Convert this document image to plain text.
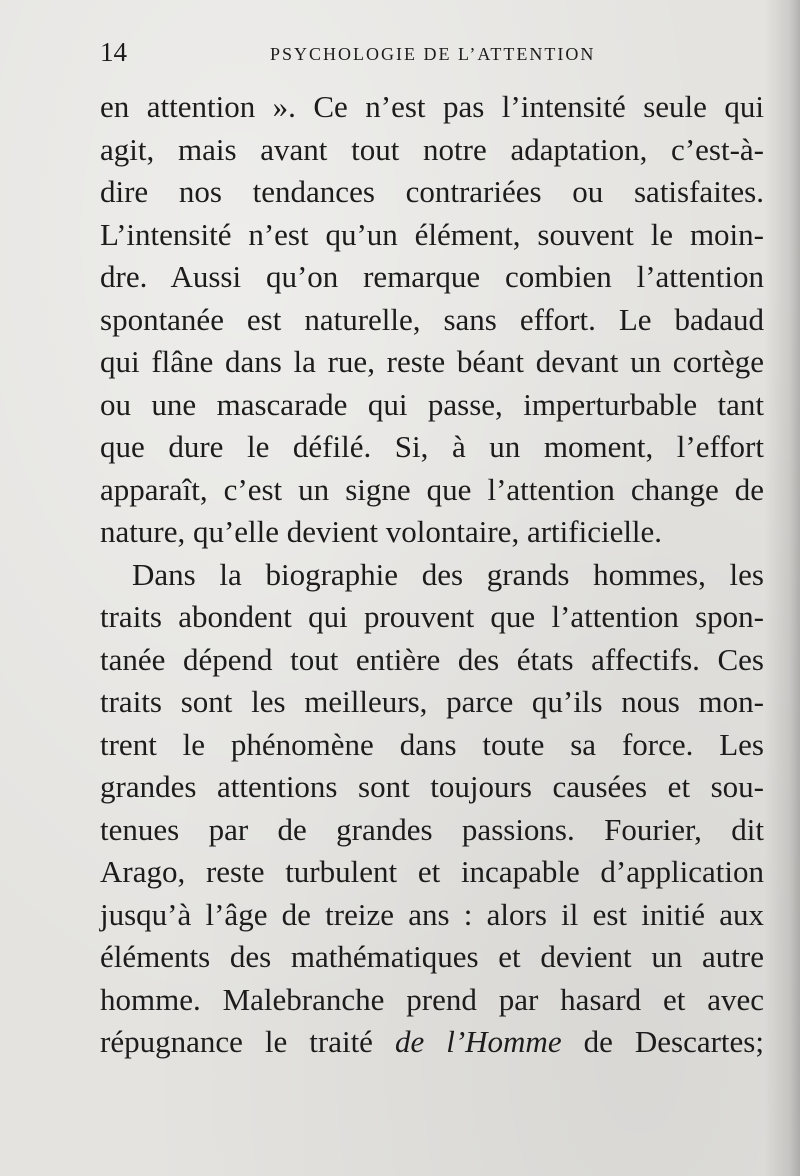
14	PSYCHOLOGIE DE L’ATTENTION
en attention ». Ce n’est pas l’intensité seule qui
agit, mais avant tout notre adaptation, c’est-à-
dire nos tendances contrariées ou satisfaites.
L’intensité n’est qu’un élément, souvent le moin-
dre. Aussi qu’on remarque combien l’attention
spontanée est naturelle, sans effort. Le badaud
qui flâne dans la rue, reste béant devant un cortège
ou une mascarade qui passe, imperturbable tant
que dure le défilé. Si, à un moment, l’effort
apparaît, c’est un signe que l’attention change de
nature, qu’elle devient volontaire, artificielle.
Dans la biographie des grands hommes, les
traits abondent qui prouvent que l’attention spon-
tanée dépend tout entière des états affectifs. Ces
traits sont les meilleurs, parce qu’ils nous mon-
trent le phénomène dans toute sa force. Les
grandes attentions sont toujours causées et sou-
tenues par de grandes passions. Fourier, dit
Arago, reste turbulent et incapable d’application
jusqu’à l’âge de treize ans : alors il est initié aux
éléments des mathématiques et devient un autre
homme. Malebranche prend par hasard et avec
répugnance le traité de l’Homme de Descartes;
